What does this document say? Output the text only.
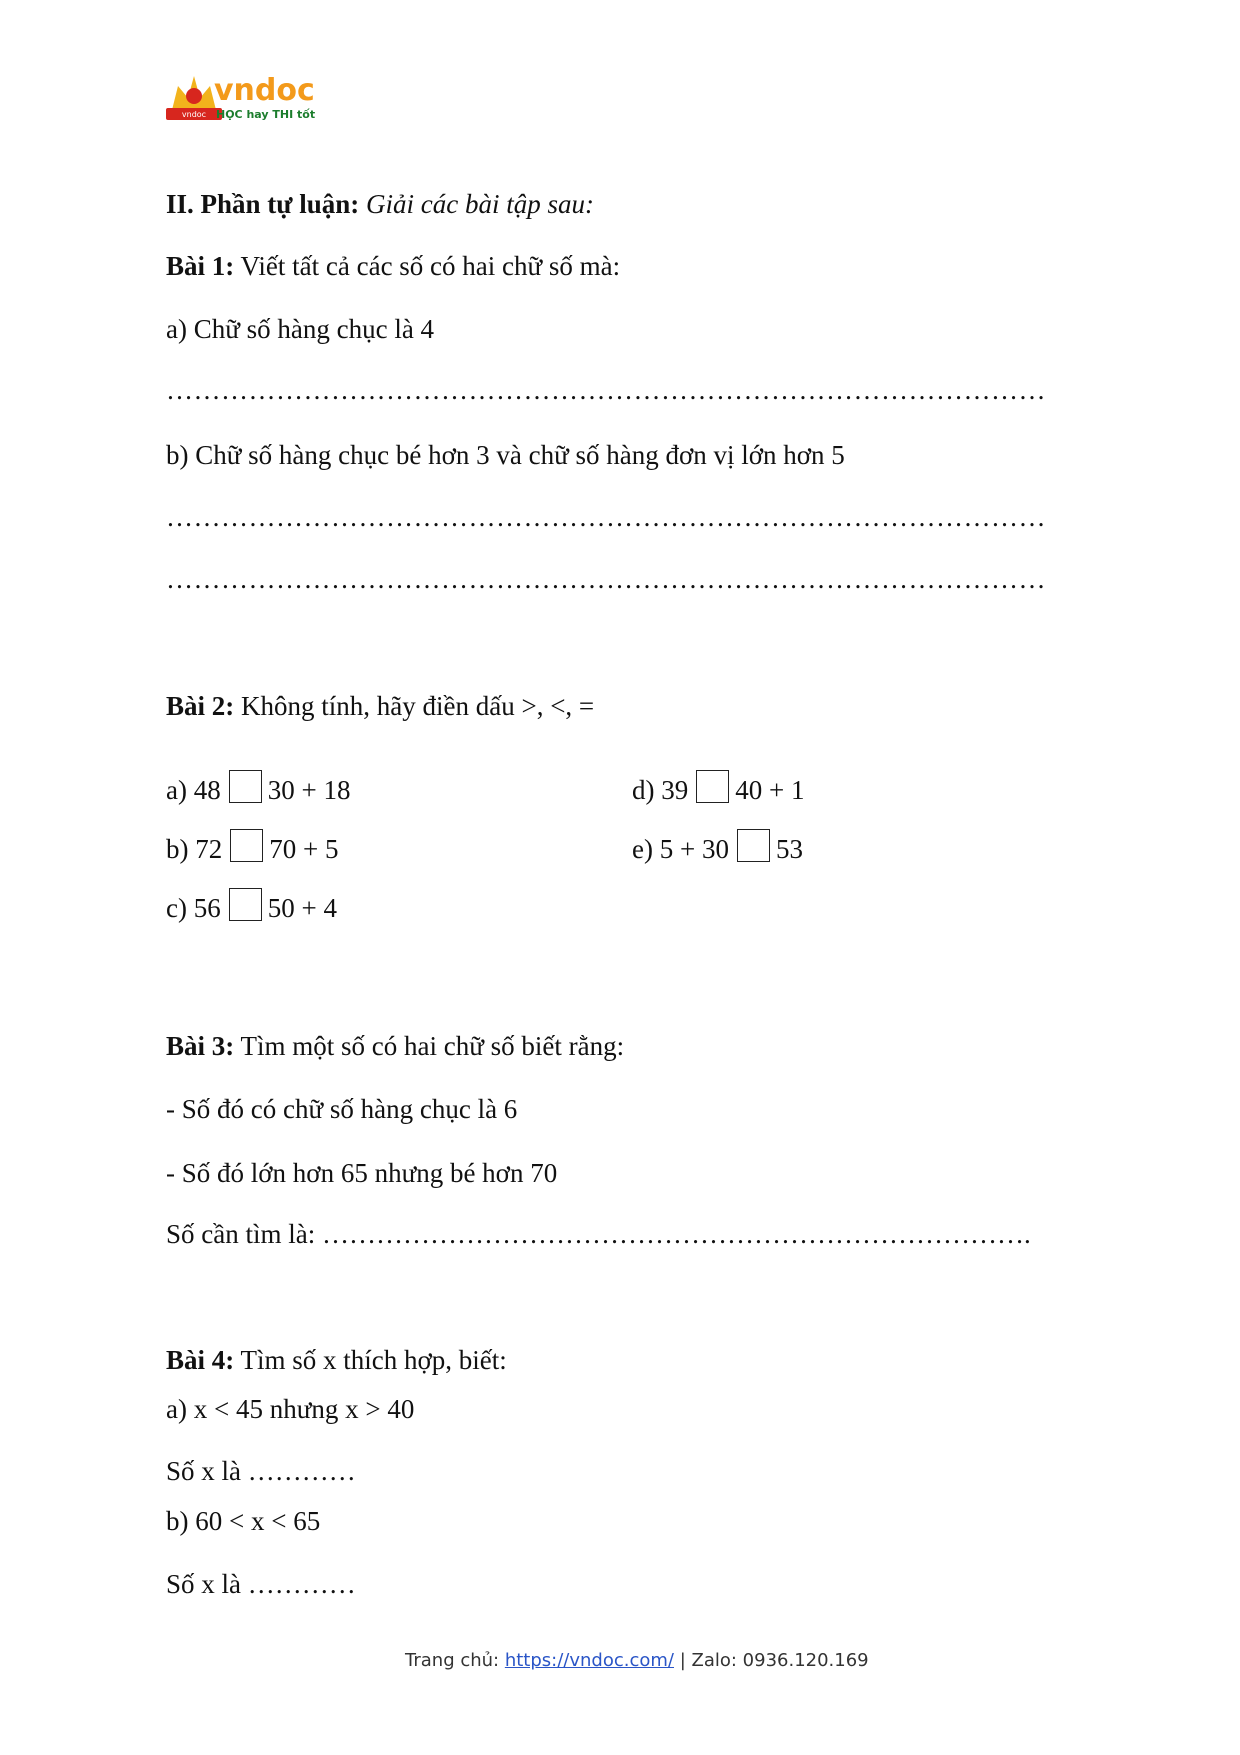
vndoc
vndoc
HỌC hay THI tốt
II. Phần tự luận: Giải các bài tập sau:
Bài 1: Viết tất cả các số có hai chữ số mà:
a) Chữ số hàng chục là 4
……………………………………………………………………………………
b) Chữ số hàng chục bé hơn 3 và chữ số hàng đơn vị lớn hơn 5
……………………………………………………………………………………
……………………………………………………………………………………
Bài 2: Không tính, hãy điền dấu >, <, =
a) 48 30 + 18
b) 72 70 + 5
c) 56 50 + 4
d) 39 40 + 1
e) 5 + 30 53
Bài 3: Tìm một số có hai chữ số biết rằng:
- Số đó có chữ số hàng chục là 6
- Số đó lớn hơn 65 nhưng bé hơn 70
Số cần tìm là: …………………………………………………………………….
Bài 4: Tìm số x thích hợp, biết:
a) x < 45 nhưng x > 40
Số x là …………
b) 60 < x < 65
Số x là …………
Trang chủ: https://vndoc.com/ | Zalo: 0936.120.169
